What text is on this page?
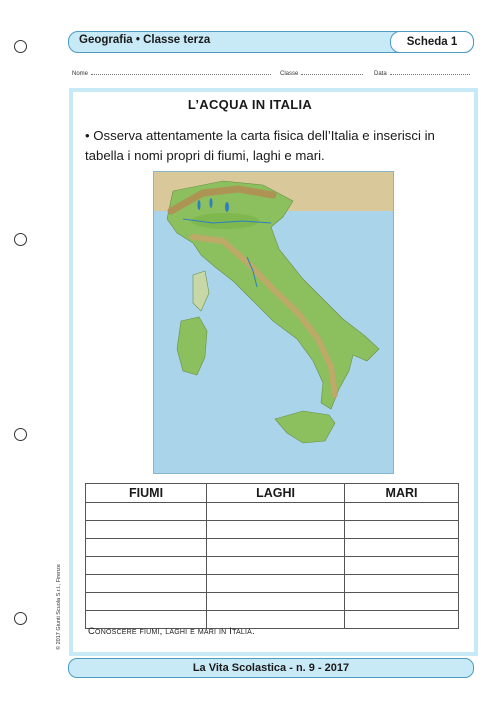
Geografia • Classe terza	Scheda 1
Nome	Classe	Data
L’ACQUA IN ITALIA
• Osserva attentamente la carta fisica dell’Italia e inserisci in tabella i nomi propri di fiumi, laghi e mari.
FIUMI	LAGHI	MARI

Conoscere fiumi, laghi e mari in Italia.
© 2017 Giunti Scuola S.r.l., Firenze
La Vita Scolastica - n. 9 - 2017
